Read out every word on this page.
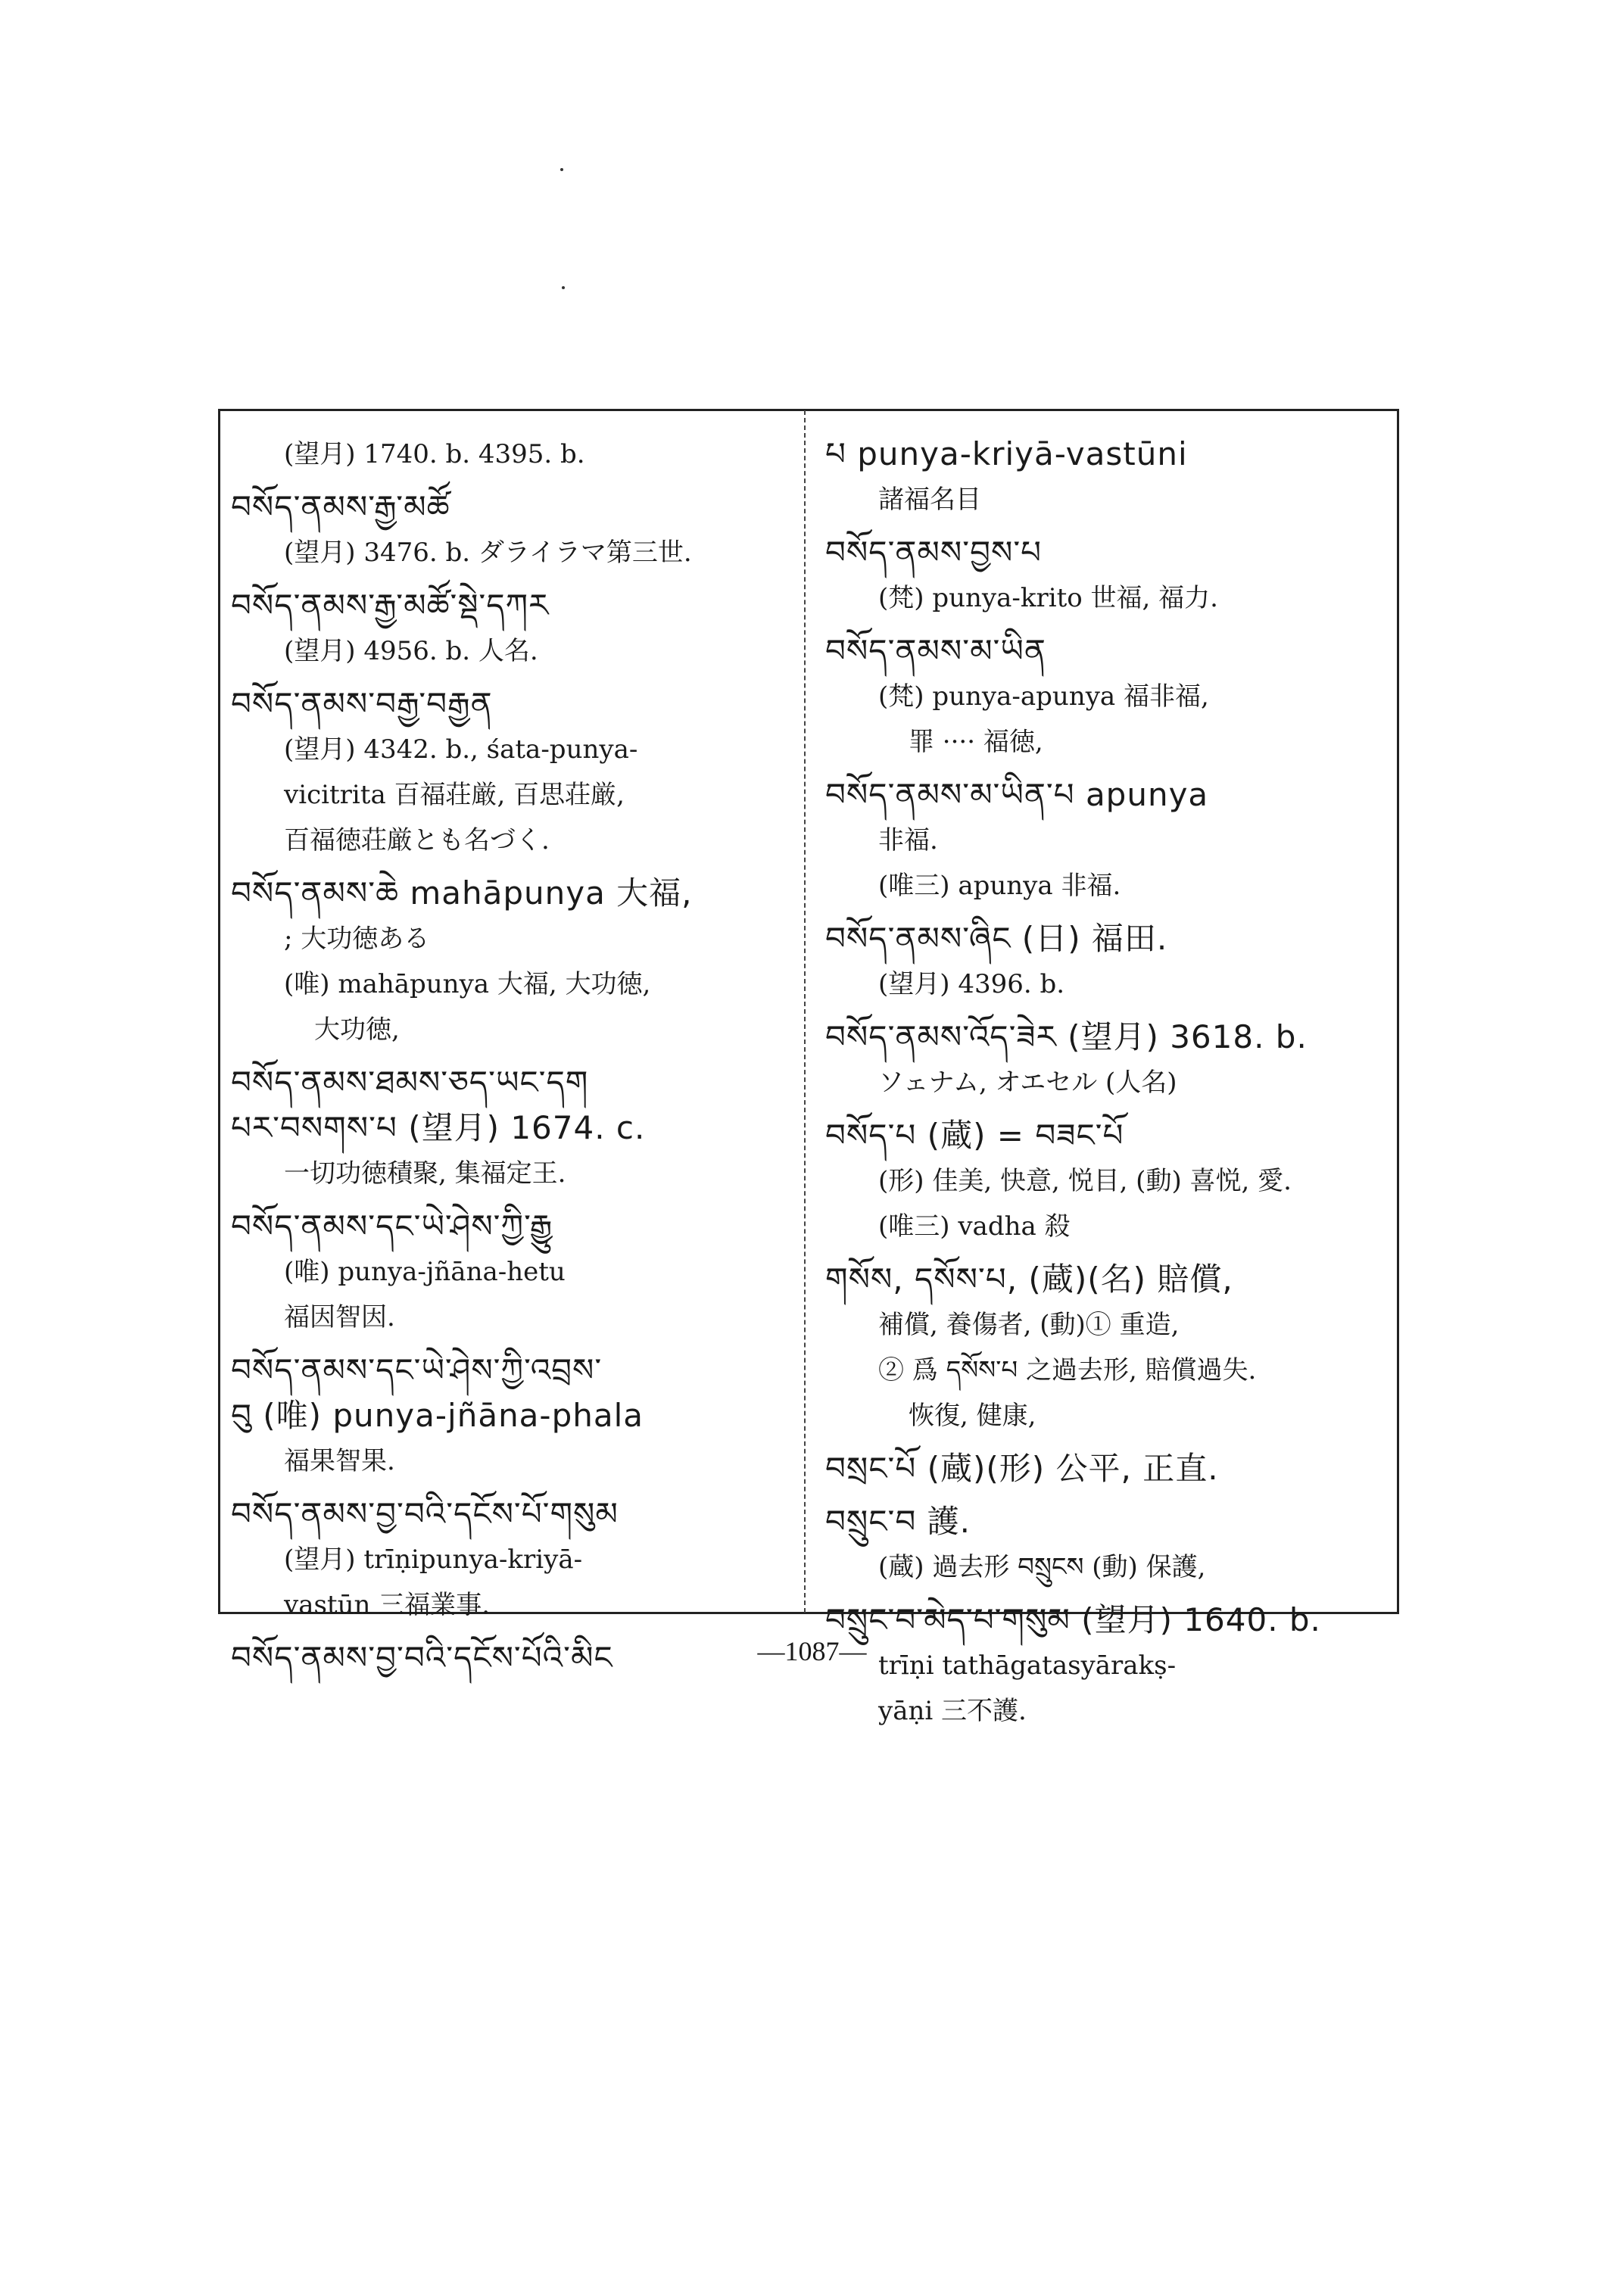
(望月) 1740. b. 4395. b.
བསོད་ནམས་རྒྱ་མཚོ
(望月) 3476. b. ダライラマ第三世.
བསོད་ནམས་རྒྱ་མཚོ་སྡེ་དཀར
(望月) 4956. b. 人名.
བསོད་ནམས་བརྒྱ་བརྒྱན
(望月) 4342. b., śata-punya-
vicitrita 百福荘厳, 百思荘厳,
百福徳荘厳とも名づく.
བསོད་ནམས་ཆེ mahāpunya 大福,
; 大功徳ある
(唯) mahāpunya 大福, 大功徳,
大功徳,
བསོད་ནམས་ཐམས་ཅད་ཡང་དག
པར་བསགས་པ (望月) 1674. c.
一切功徳積聚, 集福定王.
བསོད་ནམས་དང་ཡེ་ཤེས་ཀྱི་རྒྱུ
(唯) punya-jñāna-hetu
福因智因.
བསོད་ནམས་དང་ཡེ་ཤེས་ཀྱི་འབྲས་
བུ (唯) punya-jñāna-phala
福果智果.
བསོད་ནམས་བྱ་བའི་དངོས་པོ་གསུམ
(望月) trīṇipunya-kriyā-
vastūn 三福業事.
བསོད་ནམས་བྱ་བའི་དངོས་པོའི་མིང
པ punya-kriyā-vastūni
諸福名目
བསོད་ནམས་བྱས་པ
(梵) punya-krito 世福, 福力.
བསོད་ནམས་མ་ཡིན
(梵) punya-apunya 福非福,
罪 ···· 福徳,
བསོད་ནམས་མ་ཡིན་པ apunya
非福.
(唯三) apunya 非福.
བསོད་ནམས་ཞིང (日) 福田.
(望月) 4396. b.
བསོད་ནམས་འོད་ཟེར (望月) 3618. b.
ソェナム, オエセル (人名)
བསོད་པ (蔵) = བཟང་པོ
(形) 佳美, 快意, 悦目, (動) 喜悦, 愛.
(唯三) vadha 殺
གསོས, དསོས་པ, (蔵)(名) 賠償,
補償, 養傷者, (動)① 重造,
② 爲 དསོས་པ 之過去形, 賠償過失.
恢復, 健康,
བསྲང་པོ (蔵)(形) 公平, 正直.
བསྲུང་བ 護.
(蔵) 過去形 བསྲུངས (動) 保護,
བསྲུང་བ་མེད་པ་གསུམ (望月) 1640. b.
trīṇi tathāgatasyārakṣ-
yāṇi 三不護.
—1087—
